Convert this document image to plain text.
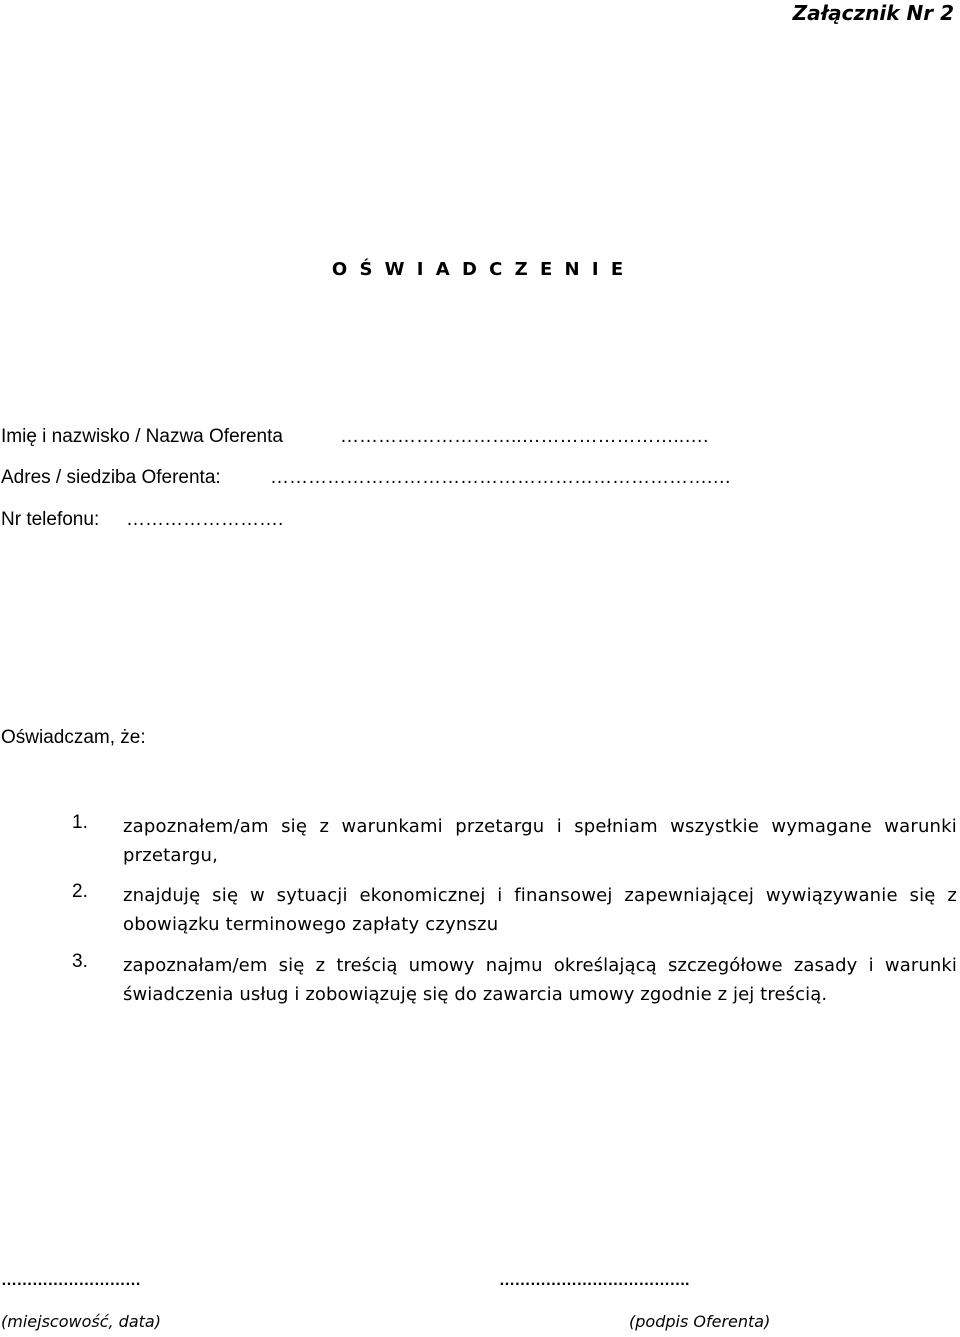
Załącznik Nr 2
O Ś W I A D C Z E N I E
Imię i nazwisko / Nazwa Oferenta	………………………..……………………..….
Adres / siedziba Oferenta:	…………………………………………………………….…
Nr telefonu: …………………….
Oświadczam, że:
1. zapoznałem/am się z warunkami przetargu i spełniam wszystkie wymagane warunki przetargu,
2. znajduję się w sytuacji ekonomicznej i finansowej zapewniającej wywiązywanie się z obowiązku terminowego zapłaty czynszu
3. zapoznałam/em się z treścią umowy najmu określającą szczegółowe zasady i warunki świadczenia usług i zobowiązuję się do zawarcia umowy zgodnie z jej treścią.
………………………	……………………………….
(miejscowość, data)	(podpis Oferenta)
